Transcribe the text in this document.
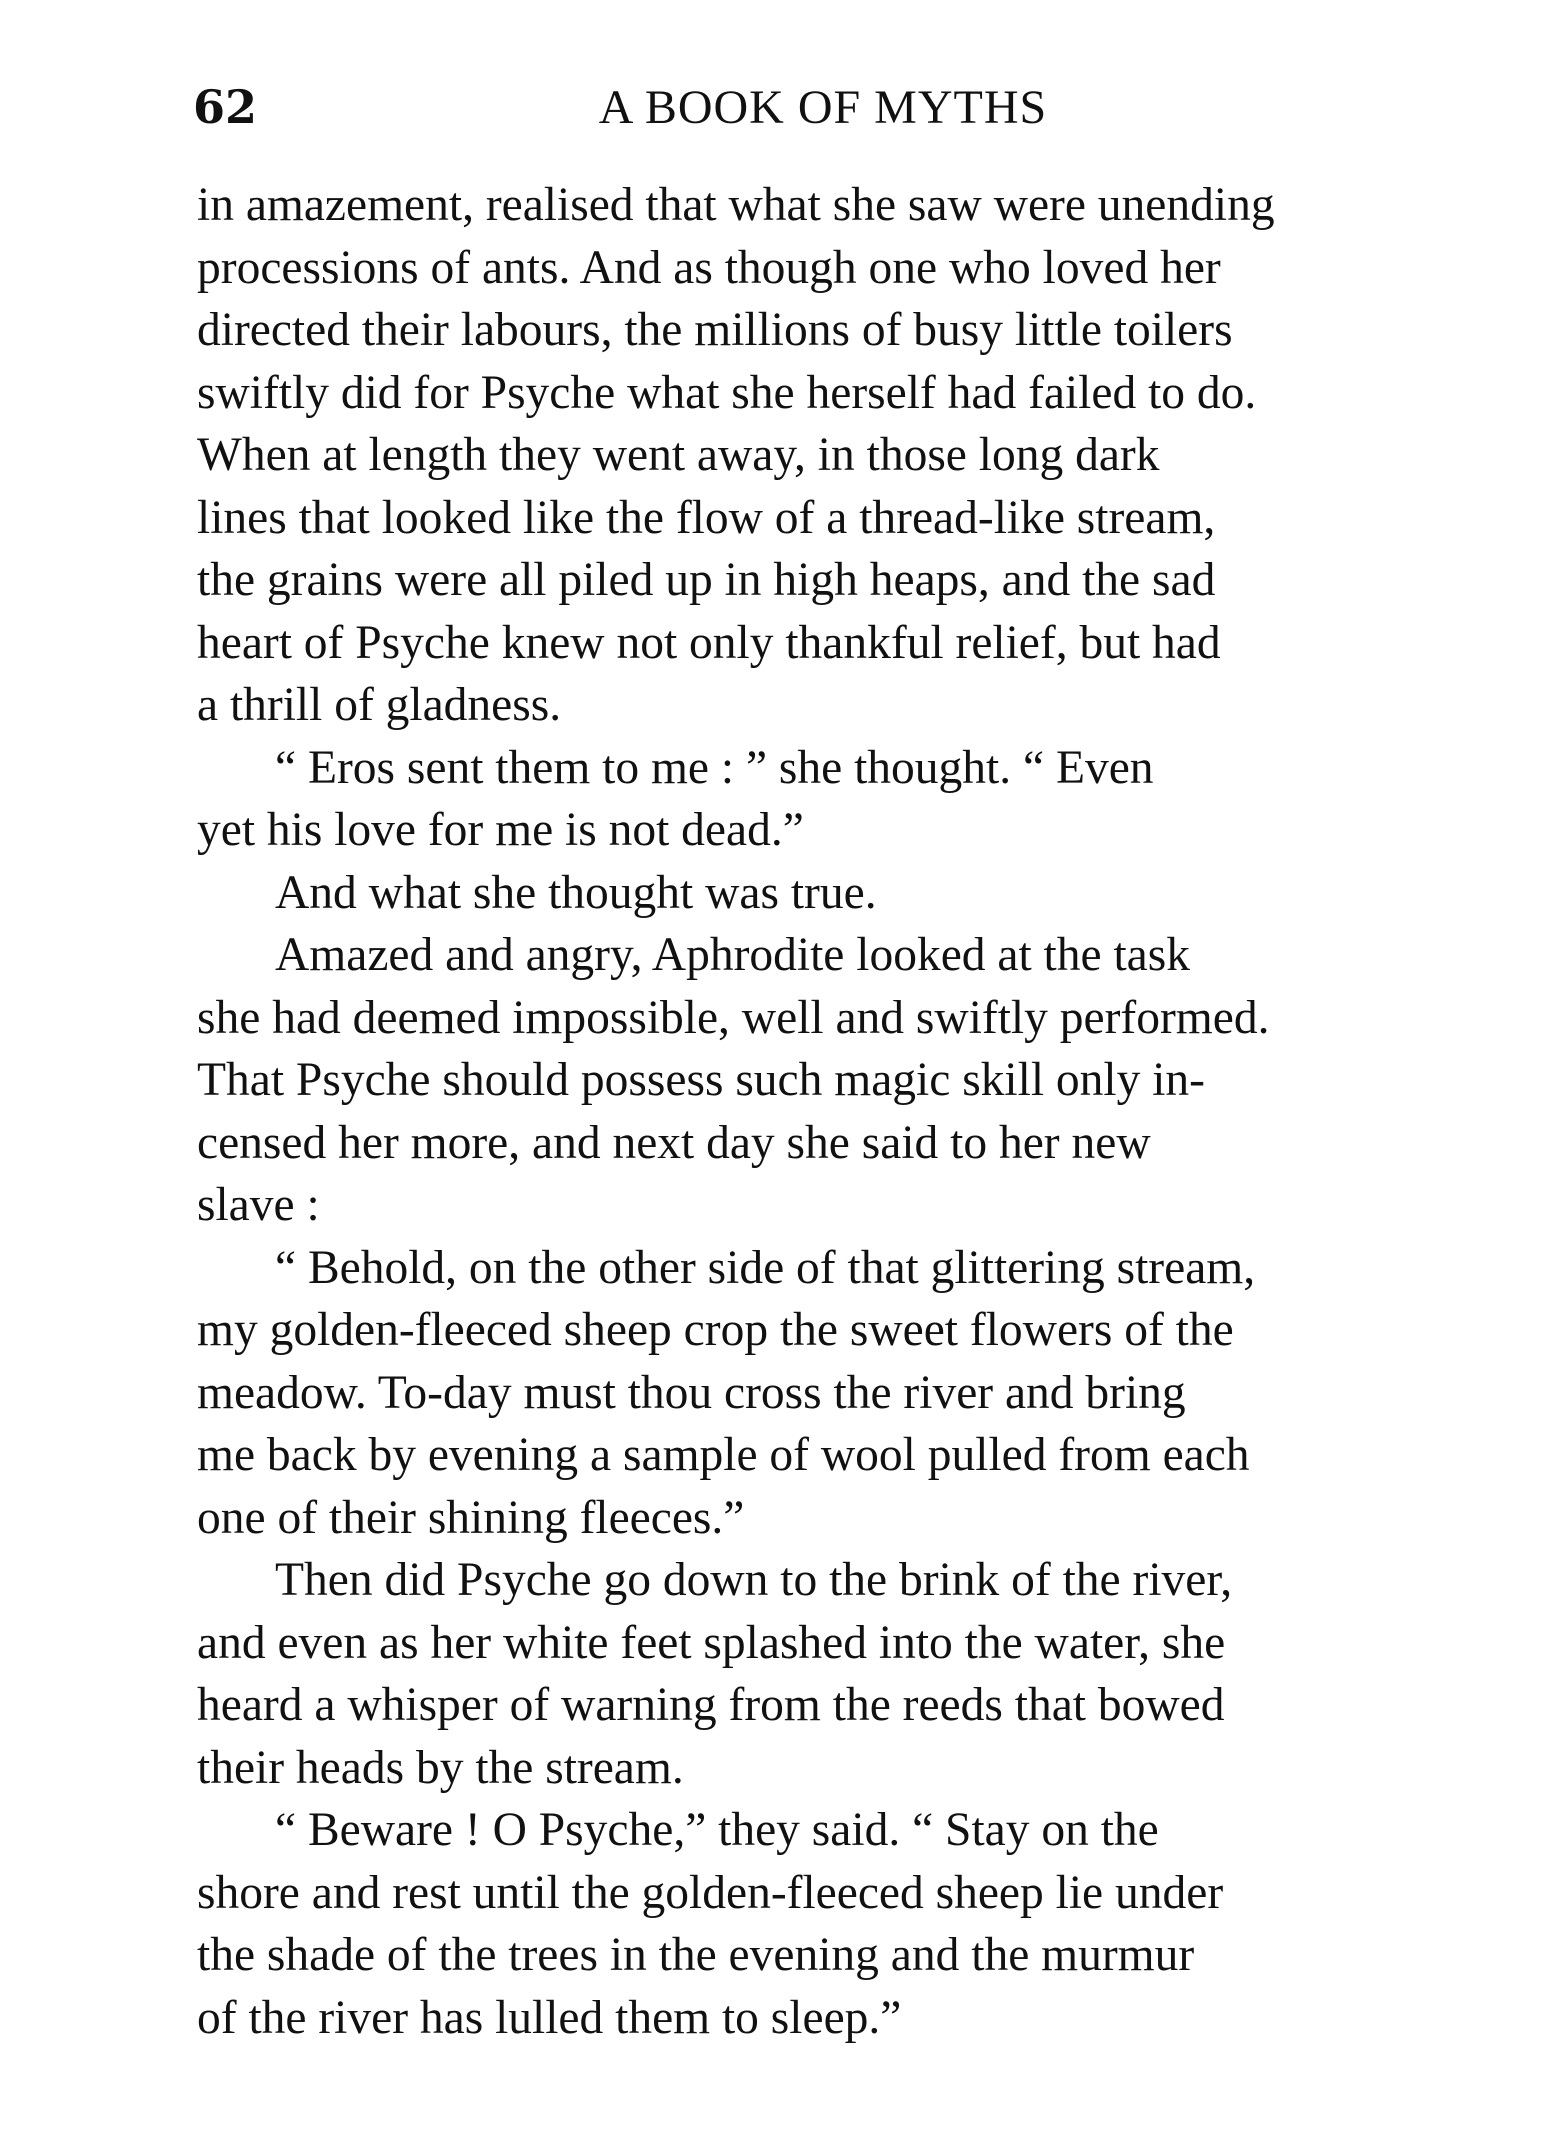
62	A BOOK OF MYTHS
in amazement, realised that what she saw were unending
processions of ants. And as though one who loved her
directed their labours, the millions of busy little toilers
swiftly did for Psyche what she herself had failed to do.
When at length they went away, in those long dark
lines that looked like the flow of a thread-like stream,
the grains were all piled up in high heaps, and the sad
heart of Psyche knew not only thankful relief, but had
a thrill of gladness.
“ Eros sent them to me : ” she thought. “ Even
yet his love for me is not dead.”
And what she thought was true.
Amazed and angry, Aphrodite looked at the task
she had deemed impossible, well and swiftly performed.
That Psyche should possess such magic skill only in-
censed her more, and next day she said to her new
slave :
“ Behold, on the other side of that glittering stream,
my golden-fleeced sheep crop the sweet flowers of the
meadow. To-day must thou cross the river and bring
me back by evening a sample of wool pulled from each
one of their shining fleeces.”
Then did Psyche go down to the brink of the river,
and even as her white feet splashed into the water, she
heard a whisper of warning from the reeds that bowed
their heads by the stream.
“ Beware ! O Psyche,” they said. “ Stay on the
shore and rest until the golden-fleeced sheep lie under
the shade of the trees in the evening and the murmur
of the river has lulled them to sleep.”
